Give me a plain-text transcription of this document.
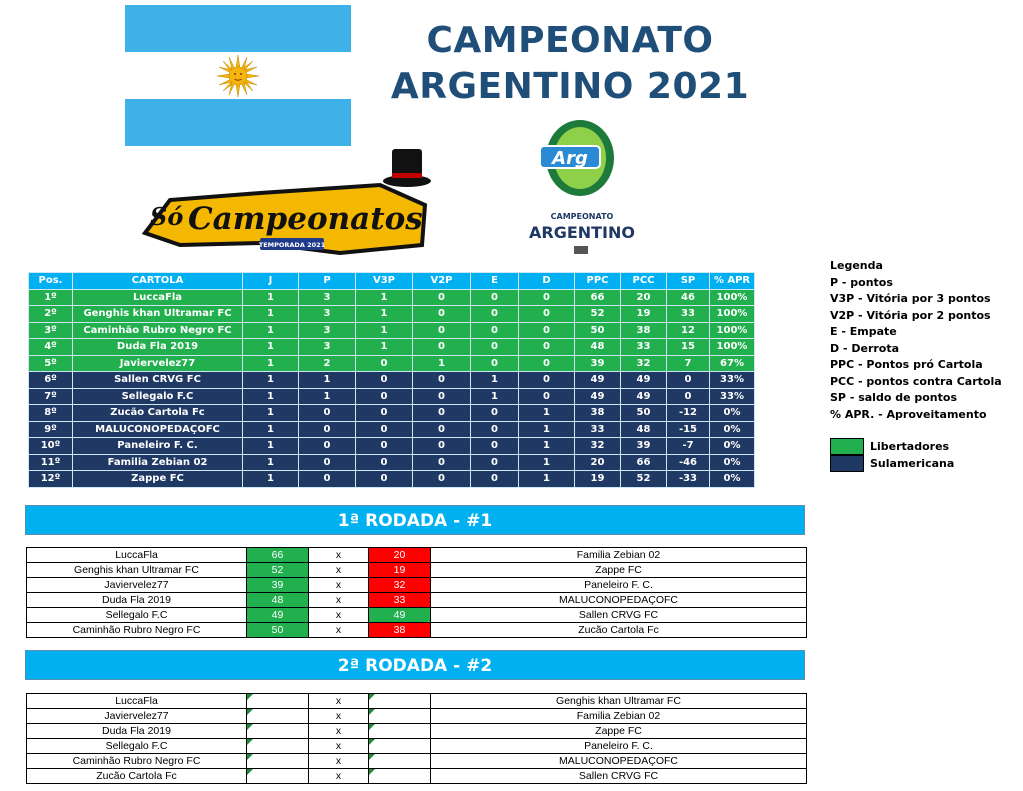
CAMPEONATO
ARGENTINO 2021
Só Campeonatos
TEMPORADA 2021
Arg
CAMPEONATO
ARGENTINO
Pos.	CARTOLA	J	P	V3P	V2P	E	D	PPC	PCC	SP	% APR
1º	LuccaFla	1	3	1	0	0	0	66	20	46	100%
2º	Genghis khan Ultramar FC	1	3	1	0	0	0	52	19	33	100%
3º	Caminhão Rubro Negro FC	1	3	1	0	0	0	50	38	12	100%
4º	Duda Fla 2019	1	3	1	0	0	0	48	33	15	100%
5º	Javiervelez77	1	2	0	1	0	0	39	32	7	67%
6º	Sallen CRVG FC	1	1	0	0	1	0	49	49	0	33%
7º	Sellegalo F.C	1	1	0	0	1	0	49	49	0	33%
8º	Zucão Cartola Fc	1	0	0	0	0	1	38	50	-12	0%
9º	MALUCONOPEDAÇOFC	1	0	0	0	0	1	33	48	-15	0%
10º	Paneleiro F. C.	1	0	0	0	0	1	32	39	-7	0%
11º	Familia Zebian 02	1	0	0	0	0	1	20	66	-46	0%
12º	Zappe FC	1	0	0	0	0	1	19	52	-33	0%
Legenda
P - pontos
V3P - Vitória por 3 pontos
V2P - Vitória por 2 pontos
E - Empate
D - Derrota
PPC - Pontos pró Cartola
PCC - pontos contra Cartola
SP - saldo de pontos
% APR. - Aproveitamento
Libertadores
Sulamericana
1ª RODADA - #1
LuccaFla	66	x	20	Familia Zebian 02
Genghis khan Ultramar FC	52	x	19	Zappe FC
Javiervelez77	39	x	32	Paneleiro F. C.
Duda Fla 2019	48	x	33	MALUCONOPEDAÇOFC
Sellegalo F.C	49	x	49	Sallen CRVG FC
Caminhão Rubro Negro FC	50	x	38	Zucão Cartola Fc
2ª RODADA - #2
LuccaFla		x		Genghis khan Ultramar FC
Javiervelez77		x		Familia Zebian 02
Duda Fla 2019		x		Zappe FC
Sellegalo F.C		x		Paneleiro F. C.
Caminhão Rubro Negro FC		x		MALUCONOPEDAÇOFC
Zucão Cartola Fc		x		Sallen CRVG FC
